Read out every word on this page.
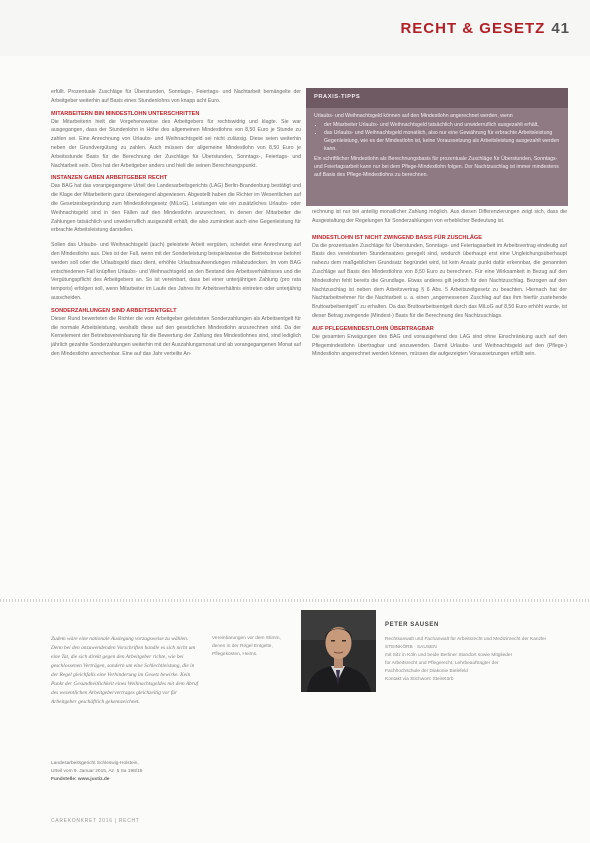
RECHT & GESETZ 41

erfüllt. Prozentuale Zuschläge für Überstunden, Sonntags-, Feiertags- und Nachtarbeit bemängelte der Arbeitgeber weiterhin auf Basis eines Stundenlohns von knapp acht Euro.

MITARBEITERN BIN MINDESTLOHN UNTERSCHRITTEN

Die Mitarbeiterin hielt die Vorgehensweise des Arbeitgebers für rechtswidrig und klagte. Sie war ausgegangen, dass der Stundenlohn in Höhe des allgemeinen Mindestlohns von 8,50 Euro je Stunde zu zahlen sei. Eine Anrechnung von Urlaubs- und Weihnachtsgeld sei nicht zulässig. Diese seien weiterhin neben der Grundvergütung zu zahlen. Auch müssen der allgemeine Mindestlohn von 8,50 Euro je Arbeitsstunde Basis für die Berechnung der Zuschläge für Überstunden, Sonntags-, Feiertags- und Nachtarbeit sein. Dies hat der Arbeitgeber anders und hielt die seinen Berechnungspunkt.

INSTANZEN GABEN ARBEITGEBER RECHT

Das BAG hat das vorangegangene Urteil des Landesarbeitsgerichts (LAG) Berlin-Brandenburg bestätigt und die Klage der Mitarbeiterin ganz überwiegend abgewiesen. Abgestellt haben die Richter im Wesentlichen auf die Gesetzesbegründung zum Mindestlohngesetz (MiLoG). Leistungen wie ein zusätzliches Urlaubs- oder Weihnachtsgeld sind in den Fällen auf den Mindestlohn anzurechnen, in denen der Mitarbeiter die Zahlungen tatsächlich und unwiderruflich ausgezahlt erhält, die also zumindest auch eine Gegenleistung für erbrachte Arbeitsleistung darstellen.

Sollen das Urlaubs- und Weihnachtsgeld (auch) geleistete Arbeit vergüten, scheidet eine Anrechnung auf den Mindestlohn aus. Dies ist der Fall, wenn mit der Sonderleistung beispielsweise die Betriebstreue belohnt werden soll oder die Urlaubsgeld dazu dient, erhöhte Urlaubsaufwendungen mitabzudecken. Im vom BAG entschiedenen Fall knüpften Urlaubs- und Weihnachtsgeld an den Bestand des Arbeitsverhältnisses und die Vergütungspflicht des Arbeitgebers an. So ist vereinbart, dass bei einer unterjährigen Zahlung (pro rata temporis) erfolgen soll, wenn Mitarbeiter im Laufe des Jahres ihr Arbeitsverhältnis eintreten oder unterjährig ausscheiden.

SONDERZAHLUNGEN SIND ARBEITSENTGELT

Dieser Rund bewerteten die Richter die vom Arbeitgeber geleisteten Sonderzahlungen als Arbeitsentgelt für die normale Arbeitsleistung, weshalb diese auf den gesetzlichen Mindestlohn anzurechnen sind. Da der Kernelement der Betriebsvereinbarung für die Bewertung der Zahlung des Mindestlohnes sind, sind lediglich jährlich gezahlte Sonderzahlungen weiterhin mit der Auszahlungsmonat und ab vorangegangenen Monat auf den Mindestlohn anrechenbar. Eine auf das Jahr verteilte An-

PRAXIS-TIPPS
Urlaubs- und Weihnachtsgeld können auf den Mindestlohn angerechnet werden, wenn
• der Mitarbeiter Urlaubs- und Weihnachtsgeld tatsächlich und unwiderruflich ausgezahlt erhält,
• das Urlaubs- und Weihnachtsgeld monatlich, also nur eine Gewährung für erbrachte Arbeitsleistung Gegenleistung, wie es der Mindestlohn ist, keine Voraussetzung als Arbeitsleistung ausgezahlt werden kann.
Ein schriftlicher Mindestlohn als Berechnungsbasis für prozentuale Zuschläge für Überstunden, Sonntags- und Feiertagsarbeit kann nur bei dem Pflege-Mindestlohn folgen. Der Nachtzuschlag ist immer mindestens auf Basis des Pflege-Mindestlohns zu berechnen.

rechnung ist nur bei anteilig monatlicher Zahlung möglich. Aus diesen Differenzierungen zeigt sich, dass die Ausgestaltung der Regelungen für Sonderzahlungen von erheblicher Bedeutung ist.

MINDESTLOHN IST NICHT ZWINGEND BASIS FÜR ZUSCHLÄGE

Da die prozentualen Zuschläge für Überstunden, Sonntags- und Feiertagsarbeit im Arbeitsvertrag eindeutig auf Basis des vereinbarten Stundensatzes geregelt sind, wodurch überhaupt erst eine Ungleichungsüberhaupt nahezu dem maßgeblichen Grundsatz begründet wird, ist kein Ansatz punkt dafür erkennbar, die genannten Zuschläge auf Basis des Mindestlohns von 8,50 Euro zu berechnen. Für eine Wirksamkeit in Bezug auf den Mindestlohn fehlt bereits die Grundlage. Etwas anderes gilt jedoch für den Nachtzuschlag. Bezogen auf den Nachtzuschlag ist neben dem Arbeitsvertrag § 6 Abs. 5 Arbeitszeitgesetz zu beachten. Hiernach hat der Nachtarbeitnehmer für die Nachtarbeit u. a. einen „angemessenen Zuschlag auf das ihm hierfür zustehende Bruttoarbeitsentgelt“ zu erhalten. Da das Bruttoarbeitsentgelt durch das MiLoG auf 8,50 Euro erhöht wurde, ist dieser Betrag zwingende (Mindest-) Basis für die Berechnung des Nachtzuschlags.

AUF PFLEGEMINDESTLOHN ÜBERTRAGBAR

Die gesamten Erwägungen des BAG und vorausgehend des LAG sind ohne Einschränkung auch auf den Pflegemindestlohn übertragbar und anzuwenden. Damit Urlaubs- und Weihnachtsgeld auf den (Pflege-) Mindestlohn angerechnet werden können, müssen die aufgezeigten Voraussetzungen erfüllt sein.

Zudem wäre eine nationale Auslegung vorzugsweise zu wählen. Denn bei den anzuwendenden Vorschriften handle es sich nicht um eine Tat, die sich direkt gegen den Arbeitgeber richte, wie bei geschlossenen Verträgen, sondern um eine Schlechtleistung, die in der Regel gleichfalls eine Verhinderung im Gesetz bewirke. Kein Punkt der Gesundheitlichkeit eines Weihnachtsgeldes mit dem Abruf des wesentlichen Arbeitgebervertrages gleichzeitig vor für Arbeitgeber geschäftlich gekennzeichnet.
Vereinbarungen vor dem Stimm, denen in der Regel Entgelte, Pflegekosten, Heims.
Landesarbeitsgericht Schleswig-Holstein,
Urteil vom 9. Januar 2015, Az. 5 Sa 198/15
Fundstelle: www.justiz.de
PETER SAUSEN

Rechtsanwalt und Fachanwalt für Arbeitsrecht und Medizinrecht der Kanzlei STEINKÖRB · SAUSEN

mit Sitz in Köln und beide Berliner Standort sowie Mitglieder

für Arbeitsrecht und Pflegerecht, Lehrbeauftragter der

Fachhochschule der Diakonie Bielefeld

Kontakt via Stichwort: SteinKörb

CAREKONKRET 2016 | RECHT
